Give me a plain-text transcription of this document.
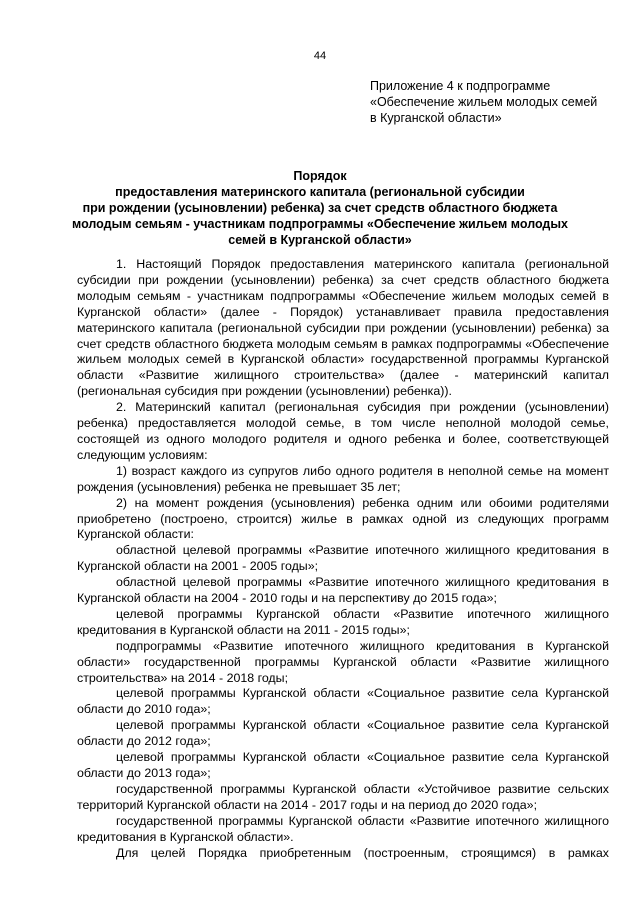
44
Приложение 4 к подпрограмме
«Обеспечение жильем молодых семей
в Курганской области»
Порядок
предоставления материнского капитала (региональной субсидии
при рождении (усыновлении) ребенка) за счет средств областного бюджета
молодым семьям - участникам подпрограммы «Обеспечение жильем молодых
семей в Курганской области»

1. Настоящий Порядок предоставления материнского капитала (региональной субсидии при рождении (усыновлении) ребенка) за счет средств областного бюджета молодым семьям - участникам подпрограммы «Обеспечение жильем молодых семей в Курганской области» (далее - Порядок) устанавливает правила предоставления материнского капитала (региональной субсидии при рождении (усыновлении) ребенка) за счет средств областного бюджета молодым семьям в рамках подпрограммы «Обеспечение жильем молодых семей в Курганской области» государственной программы Курганской области «Развитие жилищного строительства» (далее - материнский капитал (региональная субсидия при рождении (усыновлении) ребенка)).

2. Материнский капитал (региональная субсидия при рождении (усыновлении) ребенка) предоставляется молодой семье, в том числе неполной молодой семье, состоящей из одного молодого родителя и одного ребенка и более, соответствующей следующим условиям:

1) возраст каждого из супругов либо одного родителя в неполной семье на момент рождения (усыновления) ребенка не превышает 35 лет;

2) на момент рождения (усыновления) ребенка одним или обоими родителями приобретено (построено, строится) жилье в рамках одной из следующих программ Курганской области:

областной целевой программы «Развитие ипотечного жилищного кредитования в Курганской области на 2001 - 2005 годы»;

областной целевой программы «Развитие ипотечного жилищного кредитования в Курганской области на 2004 - 2010 годы и на перспективу до 2015 года»;

целевой программы Курганской области «Развитие ипотечного жилищного кредитования в Курганской области на 2011 - 2015 годы»;

подпрограммы «Развитие ипотечного жилищного кредитования в Курганской области» государственной программы Курганской области «Развитие жилищного строительства» на 2014 - 2018 годы;

целевой программы Курганской области «Социальное развитие села Курганской области до 2010 года»;

целевой программы Курганской области «Социальное развитие села Курганской области до 2012 года»;

целевой программы Курганской области «Социальное развитие села Курганской области до 2013 года»;

государственной программы Курганской области «Устойчивое развитие сельских территорий Курганской области на 2014 - 2017 годы и на период до 2020 года»;

государственной программы Курганской области «Развитие ипотечного жилищного кредитования в Курганской области».

Для целей Порядка приобретенным (построенным, строящимся) в рамках
